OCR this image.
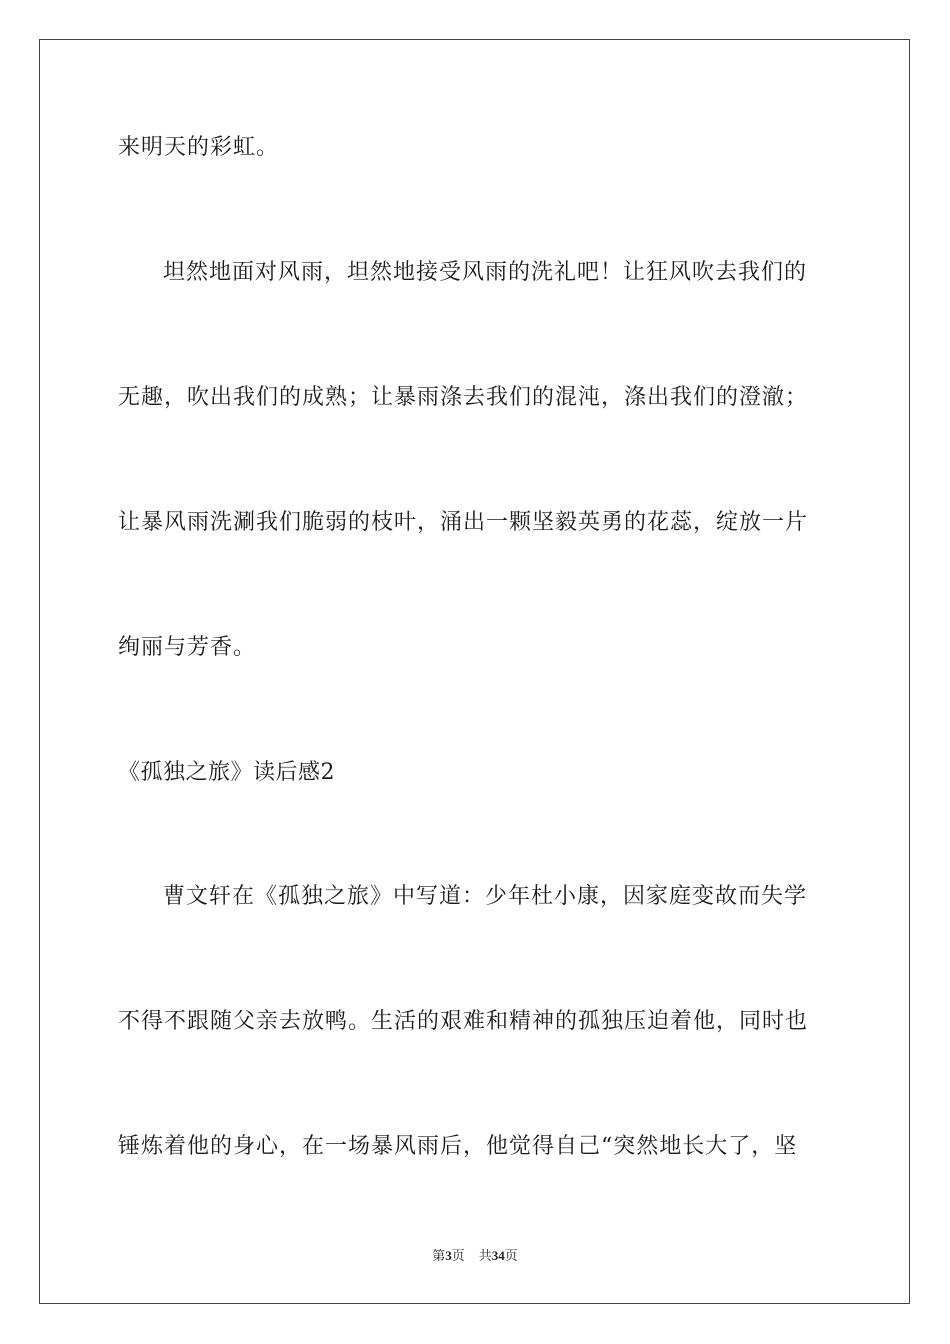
来明天的彩虹。
坦然地面对风雨，坦然地接受风雨的洗礼吧！让狂风吹去我们的
无趣，吹出我们的成熟；让暴雨涤去我们的混沌，涤出我们的澄澈；
让暴风雨洗涮我们脆弱的枝叶，涌出一颗坚毅英勇的花蕊，绽放一片
绚丽与芳香。
《孤独之旅》读后感2
曹文轩在《孤独之旅》中写道：少年杜小康，因家庭变故而失学
不得不跟随父亲去放鸭。生活的艰难和精神的孤独压迫着他，同时也
锤炼着他的身心，在一场暴风雨后，他觉得自己“突然地长大了，坚
第3页 共34页
